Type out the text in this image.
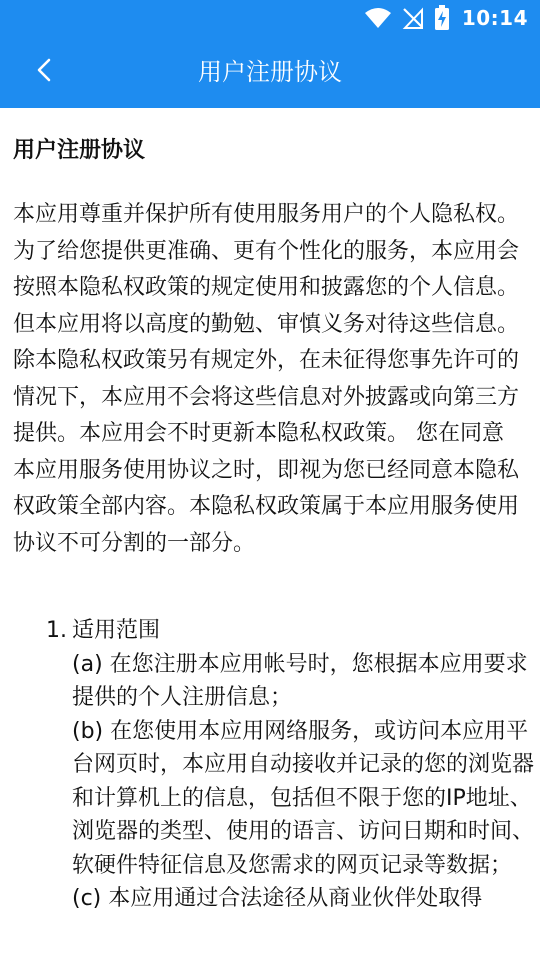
10:14
用户注册协议
用户注册协议

本应用尊重并保护所有使用服务用户的个人隐私权。为了给您提供更准确、更有个性化的服务，本应用会按照本隐私权政策的规定使用和披露您的个人信息。但本应用将以高度的勤勉、审慎义务对待这些信息。除本隐私权政策另有规定外，在未征得您事先许可的情况下，本应用不会将这些信息对外披露或向第三方提供。本应用会不时更新本隐私权政策。 您在同意本应用服务使用协议之时，即视为您已经同意本隐私权政策全部内容。本隐私权政策属于本应用服务使用协议不可分割的一部分。

1. 适用范围

(a) 在您注册本应用帐号时，您根据本应用要求提供的个人注册信息；

(b) 在您使用本应用网络服务，或访问本应用平台网页时，本应用自动接收并记录的您的浏览器和计算机上的信息，包括但不限于您的IP地址、浏览器的类型、使用的语言、访问日期和时间、软硬件特征信息及您需求的网页记录等数据；

(c) 本应用通过合法途径从商业伙伴处取得
